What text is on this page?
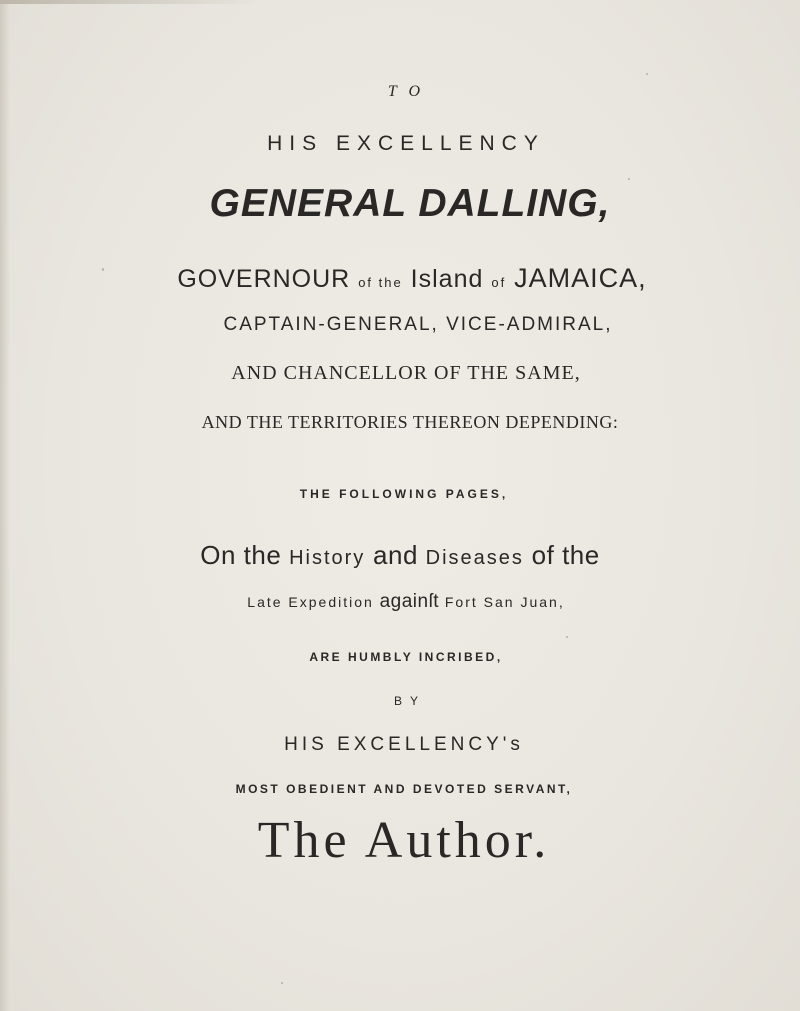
T O
HIS EXCELLENCY
GENERAL DALLING,
GOVERNOUR of the Island of JAMAICA,
CAPTAIN-GENERAL, VICE-ADMIRAL,
AND CHANCELLOR OF THE SAME,
AND THE TERRITORIES THEREON DEPENDING:
THE FOLLOWING PAGES,
On the History and Diseases of the
Late Expedition againſt Fort San Juan,
ARE HUMBLY INCRIBED,
BY
HIS EXCELLENCY's
MOST OBEDIENT AND DEVOTED SERVANT,
The Author.
